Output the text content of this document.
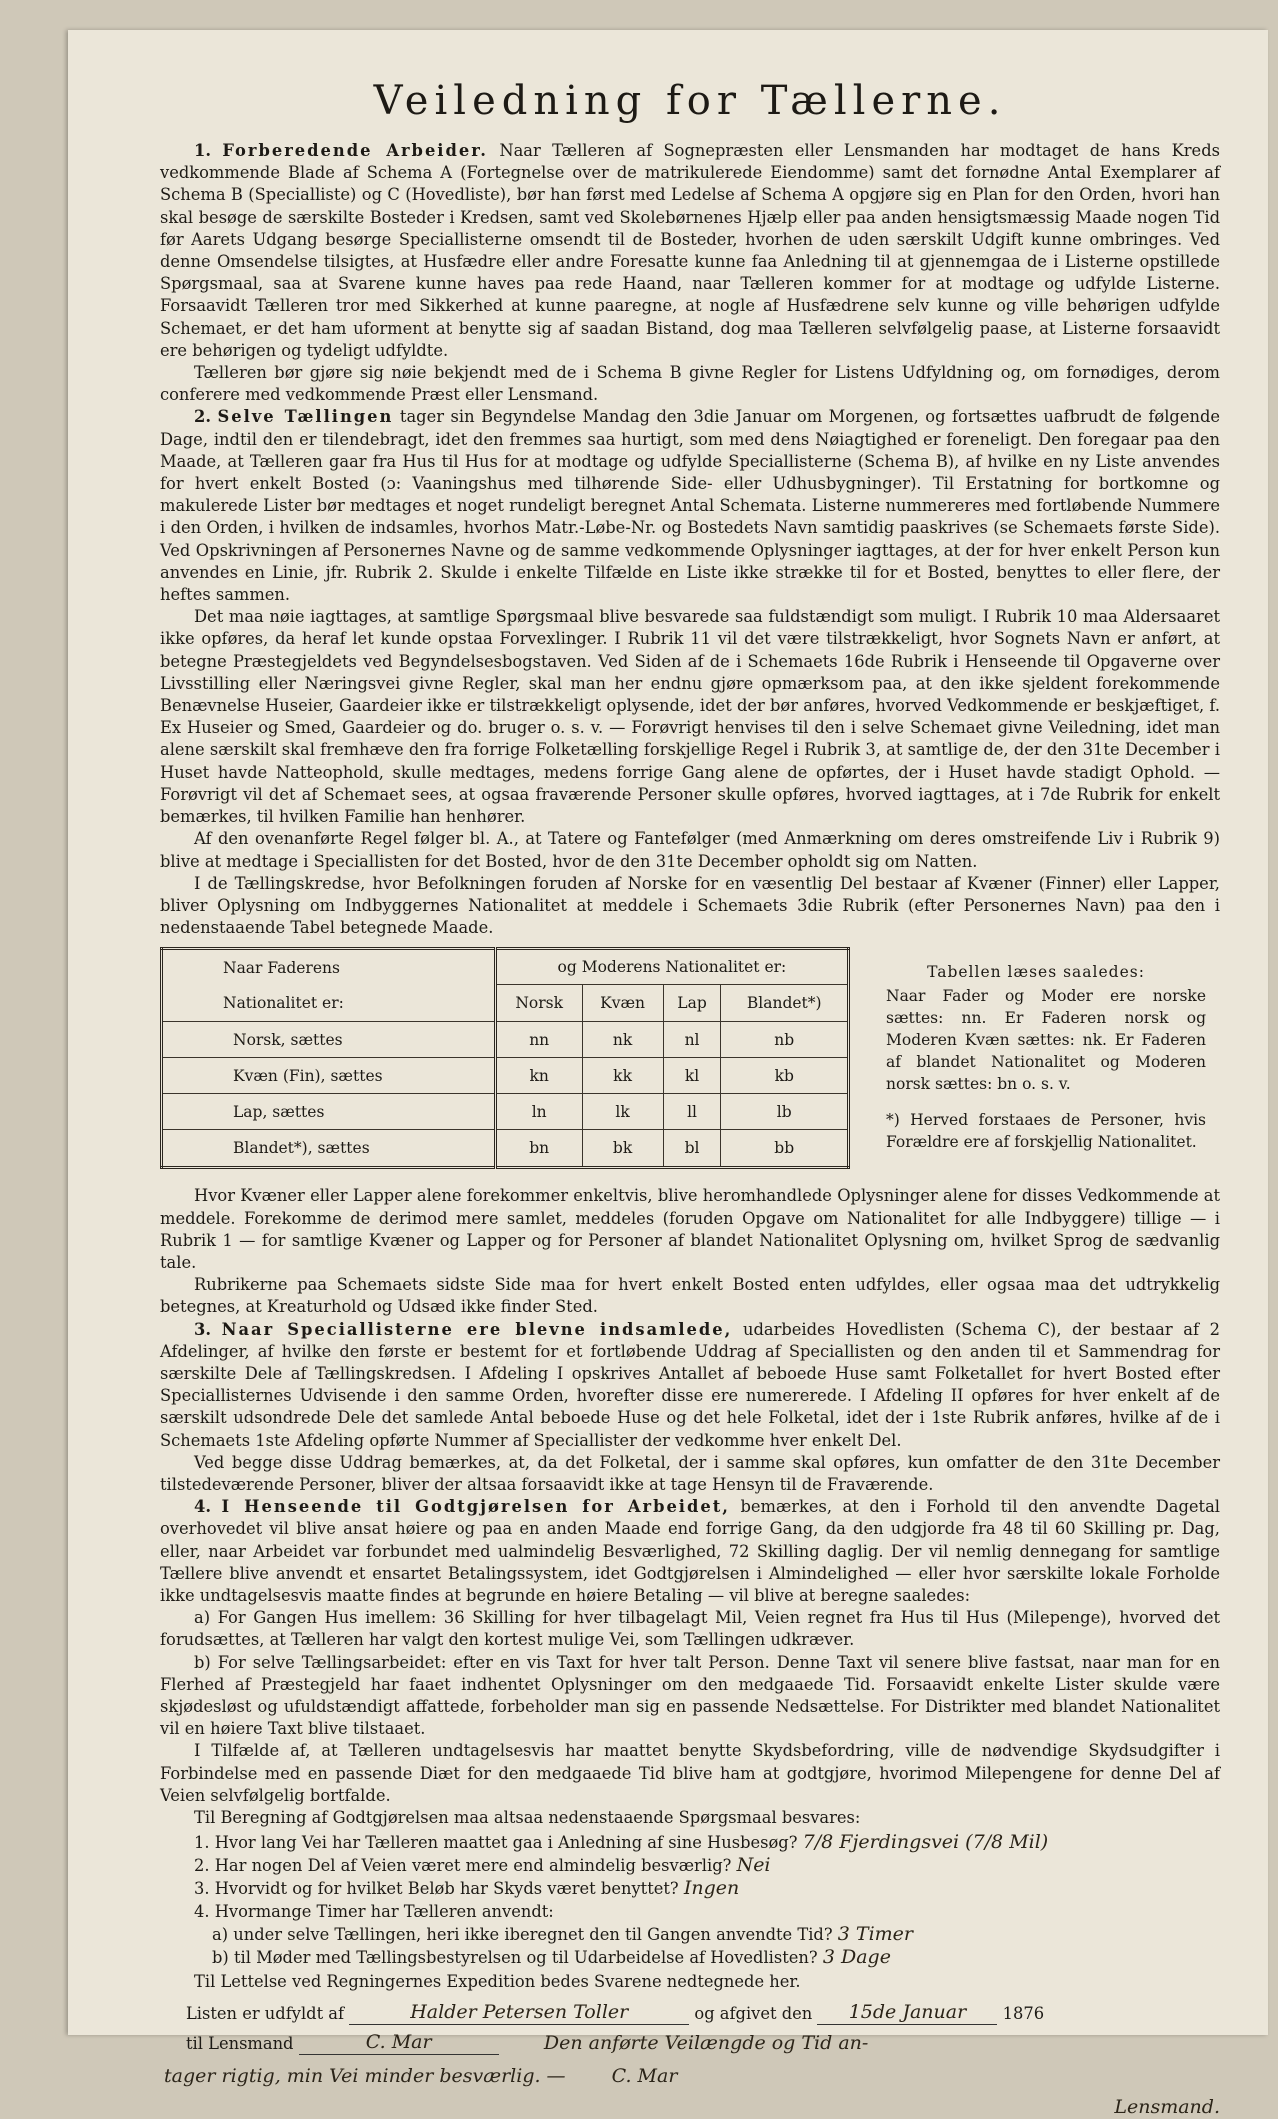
Veiledning for Tællerne.

1. Forberedende Arbeider. Naar Tælleren af Sognepræsten eller Lensmanden har modtaget de hans Kreds vedkommende Blade af Schema A (Fortegnelse over de matrikulerede Eiendomme) samt det fornødne Antal Exemplarer af Schema B (Specialliste) og C (Hovedliste), bør han først med Ledelse af Schema A opgjøre sig en Plan for den Orden, hvori han skal besøge de særskilte Bosteder i Kredsen, samt ved Skolebørnenes Hjælp eller paa anden hensigtsmæssig Maade nogen Tid før Aarets Udgang besørge Speciallisterne omsendt til de Bosteder, hvorhen de uden særskilt Udgift kunne ombringes. Ved denne Omsendelse tilsigtes, at Husfædre eller andre Foresatte kunne faa Anledning til at gjennemgaa de i Listerne opstillede Spørgsmaal, saa at Svarene kunne haves paa rede Haand, naar Tælleren kommer for at modtage og udfylde Listerne. Forsaavidt Tælleren tror med Sikkerhed at kunne paaregne, at nogle af Husfædrene selv kunne og ville behørigen udfylde Schemaet, er det ham uforment at benytte sig af saadan Bistand, dog maa Tælleren selvfølgelig paase, at Listerne forsaavidt ere behørigen og tydeligt udfyldte.

Tælleren bør gjøre sig nøie bekjendt med de i Schema B givne Regler for Listens Udfyldning og, om fornødiges, derom conferere med vedkommende Præst eller Lensmand.

2. Selve Tællingen tager sin Begyndelse Mandag den 3die Januar om Morgenen, og fortsættes uafbrudt de følgende Dage, indtil den er tilendebragt, idet den fremmes saa hurtigt, som med dens Nøiagtighed er foreneligt. Den foregaar paa den Maade, at Tælleren gaar fra Hus til Hus for at modtage og udfylde Speciallisterne (Schema B), af hvilke en ny Liste anvendes for hvert enkelt Bosted (ɔ: Vaaningshus med tilhørende Side- eller Udhusbygninger). Til Erstatning for bortkomne og makulerede Lister bør medtages et noget rundeligt beregnet Antal Schemata. Listerne nummereres med fortløbende Nummere i den Orden, i hvilken de indsamles, hvorhos Matr.-Løbe-Nr. og Bostedets Navn samtidig paaskrives (se Schemaets første Side). Ved Opskrivningen af Personernes Navne og de samme vedkommende Oplysninger iagttages, at der for hver enkelt Person kun anvendes en Linie, jfr. Rubrik 2. Skulde i enkelte Tilfælde en Liste ikke strække til for et Bosted, benyttes to eller flere, der heftes sammen.

Det maa nøie iagttages, at samtlige Spørgsmaal blive besvarede saa fuldstændigt som muligt. I Rubrik 10 maa Aldersaaret ikke opføres, da heraf let kunde opstaa Forvexlinger. I Rubrik 11 vil det være tilstrækkeligt, hvor Sognets Navn er anført, at betegne Præstegjeldets ved Begyndelsesbogstaven. Ved Siden af de i Schemaets 16de Rubrik i Henseende til Opgaverne over Livsstilling eller Næringsvei givne Regler, skal man her endnu gjøre opmærksom paa, at den ikke sjeldent forekommende Benævnelse Huseier, Gaardeier ikke er tilstrækkeligt oplysende, idet der bør anføres, hvorved Vedkommende er beskjæftiget, f. Ex Huseier og Smed, Gaardeier og do. bruger o. s. v. — Forøvrigt henvises til den i selve Schemaet givne Veiledning, idet man alene særskilt skal fremhæve den fra forrige Folketælling forskjellige Regel i Rubrik 3, at samtlige de, der den 31te December i Huset havde Natteophold, skulle medtages, medens forrige Gang alene de opførtes, der i Huset havde stadigt Ophold. — Forøvrigt vil det af Schemaet sees, at ogsaa fraværende Personer skulle opføres, hvorved iagttages, at i 7de Rubrik for enkelt bemærkes, til hvilken Familie han henhører.

Af den ovenanførte Regel følger bl. A., at Tatere og Fantefølger (med Anmærkning om deres omstreifende Liv i Rubrik 9) blive at medtage i Speciallisten for det Bosted, hvor de den 31te December opholdt sig om Natten.

I de Tællingskredse, hvor Befolkningen foruden af Norske for en væsentlig Del bestaar af Kvæner (Finner) eller Lapper, bliver Oplysning om Indbyggernes Nationalitet at meddele i Schemaets 3die Rubrik (efter Personernes Navn) paa den i nedenstaaende Tabel betegnede Maade.

Naar Faderens	og Moderens Nationalitet er:			
Nationalitet er:	Norsk	Kvæn	Lap	Blandet*)
Norsk, sættes	nn	nk	nl	nb
Kvæn (Fin), sættes	kn	kk	kl	kb
Lap, sættes	ln	lk	ll	lb
Blandet*), sættes	bn	bk	bl	bb
Tabellen læses saaledes:

Naar Fader og Moder ere norske sættes: nn. Er Faderen norsk og Moderen Kvæn sættes: nk. Er Faderen af blandet Nationalitet og Moderen norsk sættes: bn o. s. v.

*) Herved forstaaes de Personer, hvis Forældre ere af forskjellig Nationalitet.

Hvor Kvæner eller Lapper alene forekommer enkeltvis, blive heromhandlede Oplysninger alene for disses Vedkommende at meddele. Forekomme de derimod mere samlet, meddeles (foruden Opgave om Nationalitet for alle Indbyggere) tillige — i Rubrik 1 — for samtlige Kvæner og Lapper og for Personer af blandet Nationalitet Oplysning om, hvilket Sprog de sædvanlig tale.

Rubrikerne paa Schemaets sidste Side maa for hvert enkelt Bosted enten udfyldes, eller ogsaa maa det udtrykkelig betegnes, at Kreaturhold og Udsæd ikke finder Sted.

3. Naar Speciallisterne ere blevne indsamlede, udarbeides Hovedlisten (Schema C), der bestaar af 2 Afdelinger, af hvilke den første er bestemt for et fortløbende Uddrag af Speciallisten og den anden til et Sammendrag for særskilte Dele af Tællingskredsen. I Afdeling I opskrives Antallet af beboede Huse samt Folketallet for hvert Bosted efter Speciallisternes Udvisende i den samme Orden, hvorefter disse ere numererede. I Afdeling II opføres for hver enkelt af de særskilt udsondrede Dele det samlede Antal beboede Huse og det hele Folketal, idet der i 1ste Rubrik anføres, hvilke af de i Schemaets 1ste Afdeling opførte Nummer af Speciallister der vedkomme hver enkelt Del.

Ved begge disse Uddrag bemærkes, at, da det Folketal, der i samme skal opføres, kun omfatter de den 31te December tilstedeværende Personer, bliver der altsaa forsaavidt ikke at tage Hensyn til de Fraværende.

4. I Henseende til Godtgjørelsen for Arbeidet, bemærkes, at den i Forhold til den anvendte Dagetal overhovedet vil blive ansat høiere og paa en anden Maade end forrige Gang, da den udgjorde fra 48 til 60 Skilling pr. Dag, eller, naar Arbeidet var forbundet med ualmindelig Besværlighed, 72 Skilling daglig. Der vil nemlig dennegang for samtlige Tællere blive anvendt et ensartet Betalingssystem, idet Godtgjørelsen i Almindelighed — eller hvor særskilte lokale Forholde ikke undtagelsesvis maatte findes at begrunde en høiere Betaling — vil blive at beregne saaledes:

a) For Gangen Hus imellem: 36 Skilling for hver tilbagelagt Mil, Veien regnet fra Hus til Hus (Milepenge), hvorved det forudsættes, at Tælleren har valgt den kortest mulige Vei, som Tællingen udkræver.

b) For selve Tællingsarbeidet: efter en vis Taxt for hver talt Person. Denne Taxt vil senere blive fastsat, naar man for en Flerhed af Præstegjeld har faaet indhentet Oplysninger om den medgaaede Tid. Forsaavidt enkelte Lister skulde være skjødesløst og ufuldstændigt affattede, forbeholder man sig en passende Nedsættelse. For Distrikter med blandet Nationalitet vil en høiere Taxt blive tilstaaet.

I Tilfælde af, at Tælleren undtagelsesvis har maattet benytte Skydsbefordring, ville de nødvendige Skydsudgifter i Forbindelse med en passende Diæt for den medgaaede Tid blive ham at godtgjøre, hvorimod Milepengene for denne Del af Veien selvfølgelig bortfalde.

Til Beregning af Godtgjørelsen maa altsaa nedenstaaende Spørgsmaal besvares:

1. Hvor lang Vei har Tælleren maattet gaa i Anledning af sine Husbesøg? 7/8 Fjerdingsvei (7/8 Mil)
2. Har nogen Del af Veien været mere end almindelig besværlig? Nei
3. Hvorvidt og for hvilket Beløb har Skyds været benyttet? Ingen
4. Hvormange Timer har Tælleren anvendt:
a) under selve Tællingen, heri ikke iberegnet den til Gangen anvendte Tid? 3 Timer
b) til Møder med Tællingsbestyrelsen og til Udarbeidelse af Hovedlisten? 3 Dage

Til Lettelse ved Regningernes Expedition bedes Svarene nedtegnede her.

Listen er udfyldt af	Halder Petersen Toller	og afgivet den 15de Januar 1876
til Lensmand	C. Mar	Den anførte Veilængde og Tid an-
tager rigtig, min Vei minder besværlig. — C. Mar
Lensmand.
